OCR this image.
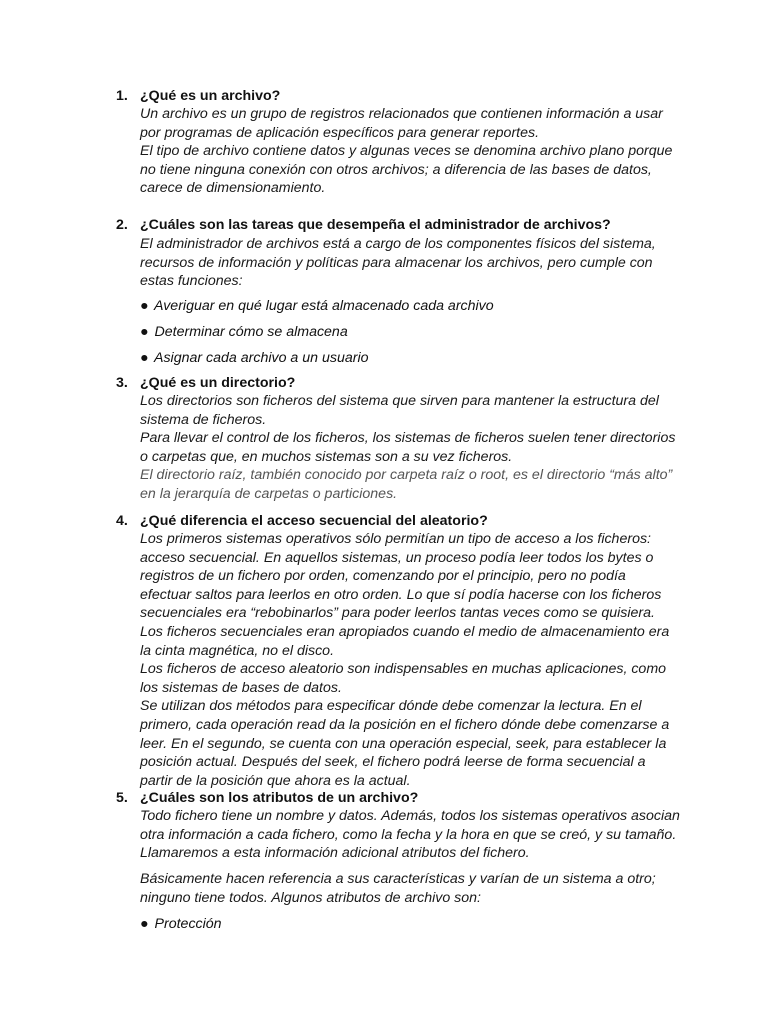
1. ¿Qué es un archivo?

Un archivo es un grupo de registros relacionados que contienen información a usar por programas de aplicación específicos para generar reportes.

El tipo de archivo contiene datos y algunas veces se denomina archivo plano porque no tiene ninguna conexión con otros archivos; a diferencia de las bases de datos, carece de dimensionamiento.

2. ¿Cuáles son las tareas que desempeña el administrador de archivos?

El administrador de archivos está a cargo de los componentes físicos del sistema, recursos de información y políticas para almacenar los archivos, pero cumple con estas funciones:

● Averiguar en qué lugar está almacenado cada archivo
● Determinar cómo se almacena
● Asignar cada archivo a un usuario
3. ¿Qué es un directorio?

Los directorios son ficheros del sistema que sirven para mantener la estructura del sistema de ficheros.

Para llevar el control de los ficheros, los sistemas de ficheros suelen tener directorios o carpetas que, en muchos sistemas son a su vez ficheros.

El directorio raíz, también conocido por carpeta raíz o root, es el directorio “más alto” en la jerarquía de carpetas o particiones.

4. ¿Qué diferencia el acceso secuencial del aleatorio?

Los primeros sistemas operativos sólo permitían un tipo de acceso a los ficheros: acceso secuencial. En aquellos sistemas, un proceso podía leer todos los bytes o registros de un fichero por orden, comenzando por el principio, pero no podía efectuar saltos para leerlos en otro orden. Lo que sí podía hacerse con los ficheros secuenciales era “rebobinarlos” para poder leerlos tantas veces como se quisiera. Los ficheros secuenciales eran apropiados cuando el medio de almacenamiento era la cinta magnética, no el disco.

Los ficheros de acceso aleatorio son indispensables en muchas aplicaciones, como los sistemas de bases de datos.

Se utilizan dos métodos para especificar dónde debe comenzar la lectura. En el primero, cada operación read da la posición en el fichero dónde debe comenzarse a leer. En el segundo, se cuenta con una operación especial, seek, para establecer la posición actual. Después del seek, el fichero podrá leerse de forma secuencial a partir de la posición que ahora es la actual.

5. ¿Cuáles son los atributos de un archivo?

Todo fichero tiene un nombre y datos. Además, todos los sistemas operativos asocian otra información a cada fichero, como la fecha y la hora en que se creó, y su tamaño. Llamaremos a esta información adicional atributos del fichero.

Básicamente hacen referencia a sus características y varían de un sistema a otro; ninguno tiene todos. Algunos atributos de archivo son:

● Protección
